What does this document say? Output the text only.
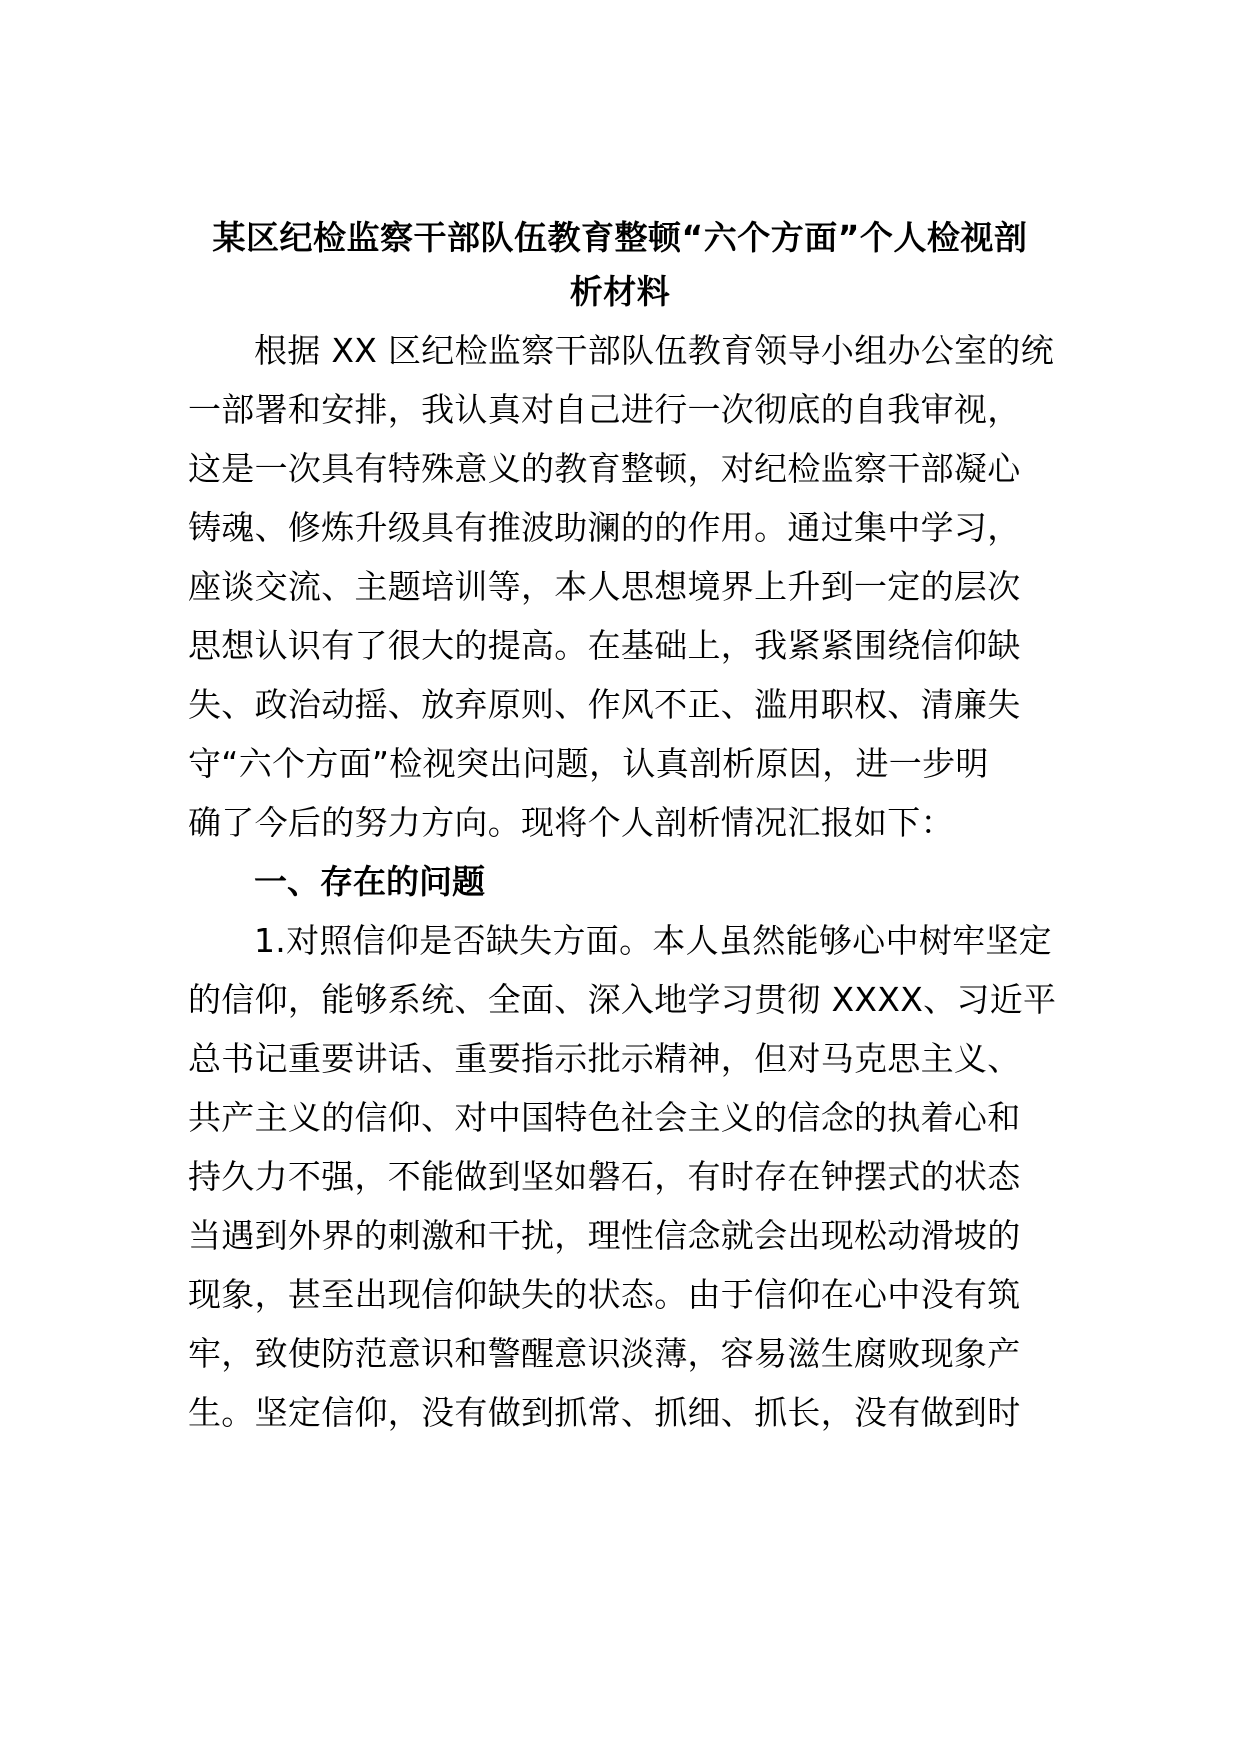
某区纪检监察干部队伍教育整顿“六个方面”个人检视剖
析材料
根据 XX 区纪检监察干部队伍教育领导小组办公室的统
一部署和安排，我认真对自己进行一次彻底的自我审视，
这是一次具有特殊意义的教育整顿，对纪检监察干部凝心
铸魂、修炼升级具有推波助澜的的作用。通过集中学习，
座谈交流、主题培训等，本人思想境界上升到一定的层次
思想认识有了很大的提高。在基础上，我紧紧围绕信仰缺
失、政治动摇、放弃原则、作风不正、滥用职权、清廉失
守“六个方面”检视突出问题，认真剖析原因，进一步明
确了今后的努力方向。现将个人剖析情况汇报如下：
一、存在的问题
1.对照信仰是否缺失方面。本人虽然能够心中树牢坚定
的信仰，能够系统、全面、深入地学习贯彻 XXXX、习近平
总书记重要讲话、重要指示批示精神，但对马克思主义、
共产主义的信仰、对中国特色社会主义的信念的执着心和
持久力不强，不能做到坚如磐石，有时存在钟摆式的状态
当遇到外界的刺激和干扰，理性信念就会出现松动滑坡的
现象，甚至出现信仰缺失的状态。由于信仰在心中没有筑
牢，致使防范意识和警醒意识淡薄，容易滋生腐败现象产
生。坚定信仰，没有做到抓常、抓细、抓长，没有做到时
